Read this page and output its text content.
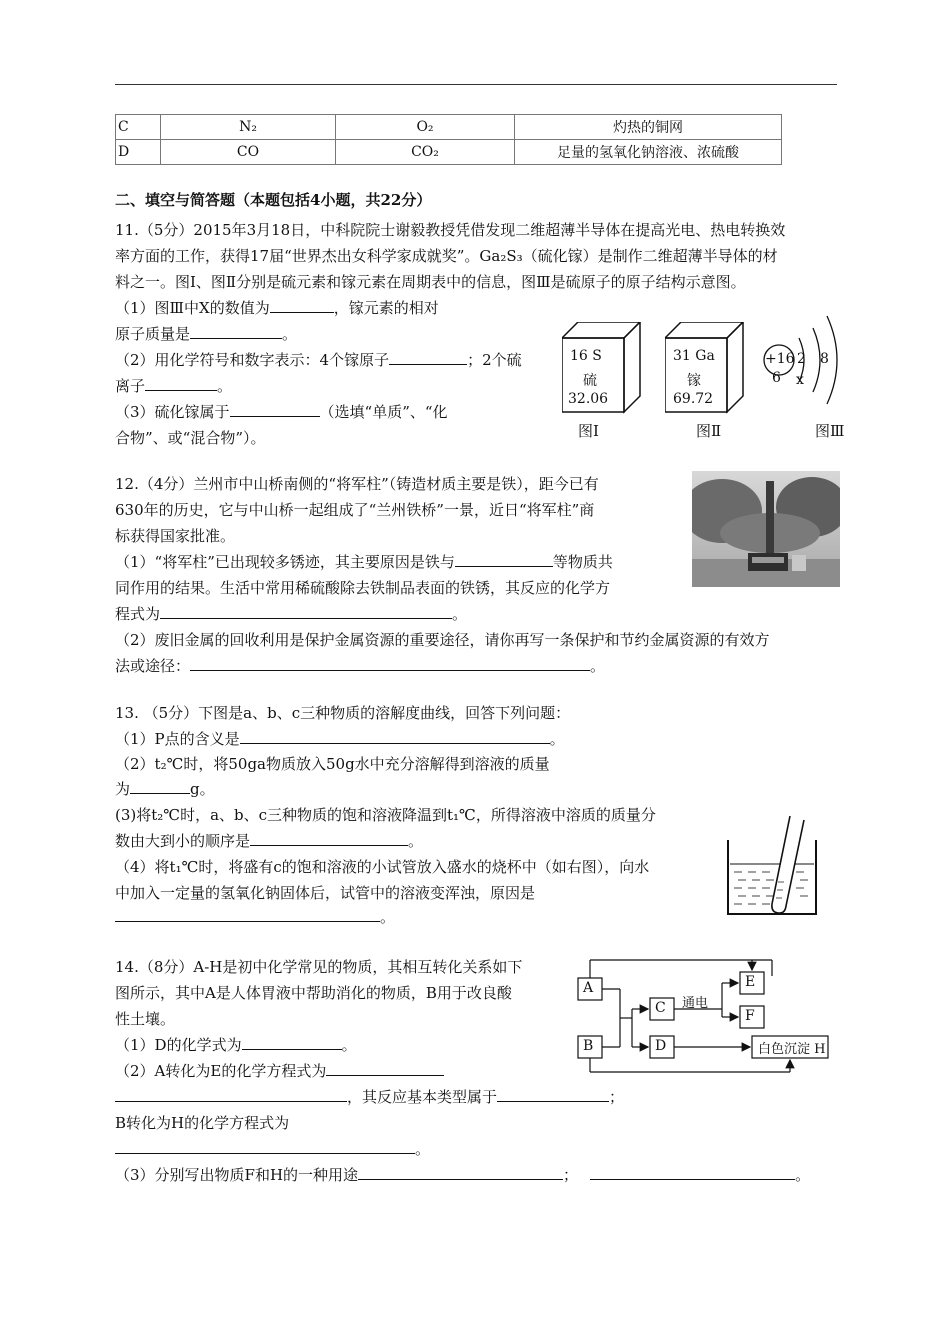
C	N₂	O₂	灼热的铜网
D	CO	CO₂	足量的氢氧化钠溶液、浓硫酸
二、填空与简答题（本题包括4小题，共22分）
11.（5分）2015年3月18日，中科院院士谢毅教授凭借发现二维超薄半导体在提高光电、热电转换效
率方面的工作，获得17届“世界杰出女科学家成就奖”。Ga₂S₃（硫化镓）是制作二维超薄半导体的材
料之一。图Ⅰ、图Ⅱ分别是硫元素和镓元素在周期表中的信息，图Ⅲ是硫原子的原子结构示意图。
（1）图Ⅲ中X的数值为	，镓元素的相对
原子质量是	。
（2）用化学符号和数字表示：4个镓原子	；2个硫
离子	。
（3）硫化镓属于	（选填“单质”、“化
合物”、或“混合物”）。
16 S
硫
32.06
图Ⅰ
31 Ga
镓
69.72
图Ⅱ
+16 2 8
6 x
图Ⅲ
12.（4分）兰州市中山桥南侧的“将军柱”（铸造材质主要是铁），距今已有
630年的历史，它与中山桥一起组成了“兰州铁桥”一景，近日“将军柱”商
标获得国家批准。
（1）“将军柱”已出现较多锈迹，其主要原因是铁与	等物质共
同作用的结果。生活中常用稀硫酸除去铁制品表面的铁锈，其反应的化学方
程式为	。
（2）废旧金属的回收利用是保护金属资源的重要途径，请你再写一条保护和节约金属资源的有效方
法或途径：	。
13. （5分）下图是a、b、c三种物质的溶解度曲线，回答下列问题：
（1）P点的含义是	。
（2）t₂℃时，将50ga物质放入50g水中充分溶解得到溶液的质量
为	g。
(3)将t₂℃时，a、b、c三种物质的饱和溶液降温到t₁℃，所得溶液中溶质的质量分
数由大到小的顺序是	。
（4）将t₁℃时，将盛有c的饱和溶液的小试管放入盛水的烧杯中（如右图），向水
中加入一定量的氢氧化钠固体后，试管中的溶液变浑浊，原因是
。
14.（8分）A-H是初中化学常见的物质，其相互转化关系如下
图所示，其中A是人体胃液中帮助消化的物质，B用于改良酸
性土壤。
（1）D的化学式为	。
（2）A转化为E的化学方程式为
，其反应基本类型属于	；
B转化为H的化学方程式为
。
（3）分别写出物质F和H的一种用途	；	。
A
B
C
D
E
F
白色沉淀 H
通电
